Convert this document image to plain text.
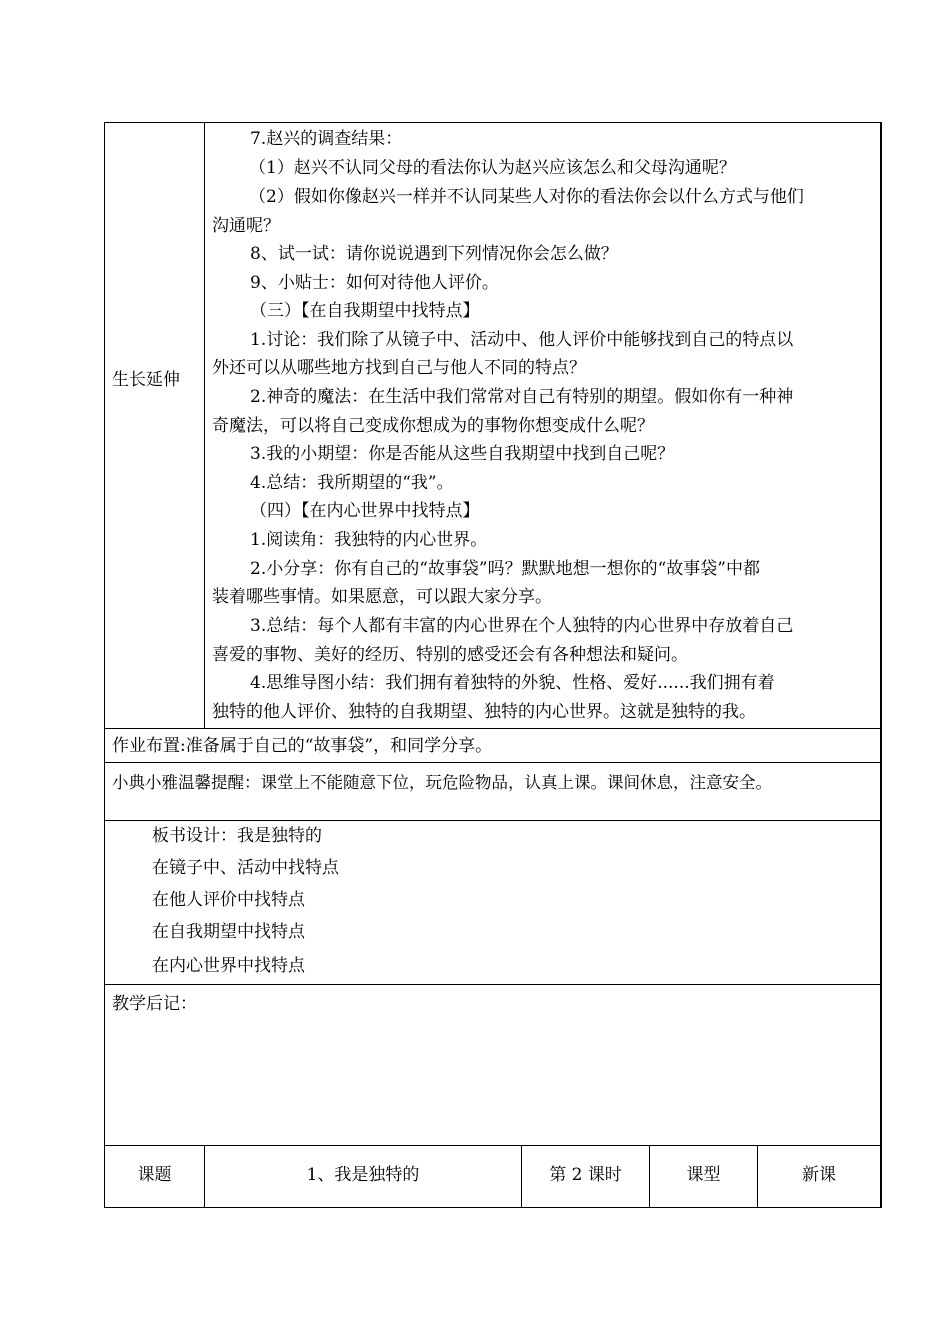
生长延伸
7.赵兴的调查结果：
（1）赵兴不认同父母的看法你认为赵兴应该怎么和父母沟通呢？
（2）假如你像赵兴一样并不认同某些人对你的看法你会以什么方式与他们
沟通呢？
8、试一试：请你说说遇到下列情况你会怎么做？
9、小贴士：如何对待他人评价。
（三）【在自我期望中找特点】
1.讨论：我们除了从镜子中、活动中、他人评价中能够找到自己的特点以
外还可以从哪些地方找到自己与他人不同的特点？
2.神奇的魔法：在生活中我们常常对自己有特别的期望。假如你有一种神
奇魔法，可以将自己变成你想成为的事物你想变成什么呢？
3.我的小期望：你是否能从这些自我期望中找到自己呢？
4.总结：我所期望的“我”。
（四）【在内心世界中找特点】
1.阅读角：我独特的内心世界。
2.小分享：你有自己的“故事袋”吗？默默地想一想你的“故事袋”中都
装着哪些事情。如果愿意，可以跟大家分享。
3.总结：每个人都有丰富的内心世界在个人独特的内心世界中存放着自己
喜爱的事物、美好的经历、特别的感受还会有各种想法和疑问。
4.思维导图小结：我们拥有着独特的外貌、性格、爱好......我们拥有着
独特的他人评价、独特的自我期望、独特的内心世界。这就是独特的我。
作业布置:准备属于自己的“故事袋”，和同学分享。
小典小雅温馨提醒：课堂上不能随意下位，玩危险物品，认真上课。课间休息，注意安全。
板书设计：我是独特的
在镜子中、活动中找特点
在他人评价中找特点
在自我期望中找特点
在内心世界中找特点
教学后记：
课题	1、我是独特的	第 2 课时	课型	新课
